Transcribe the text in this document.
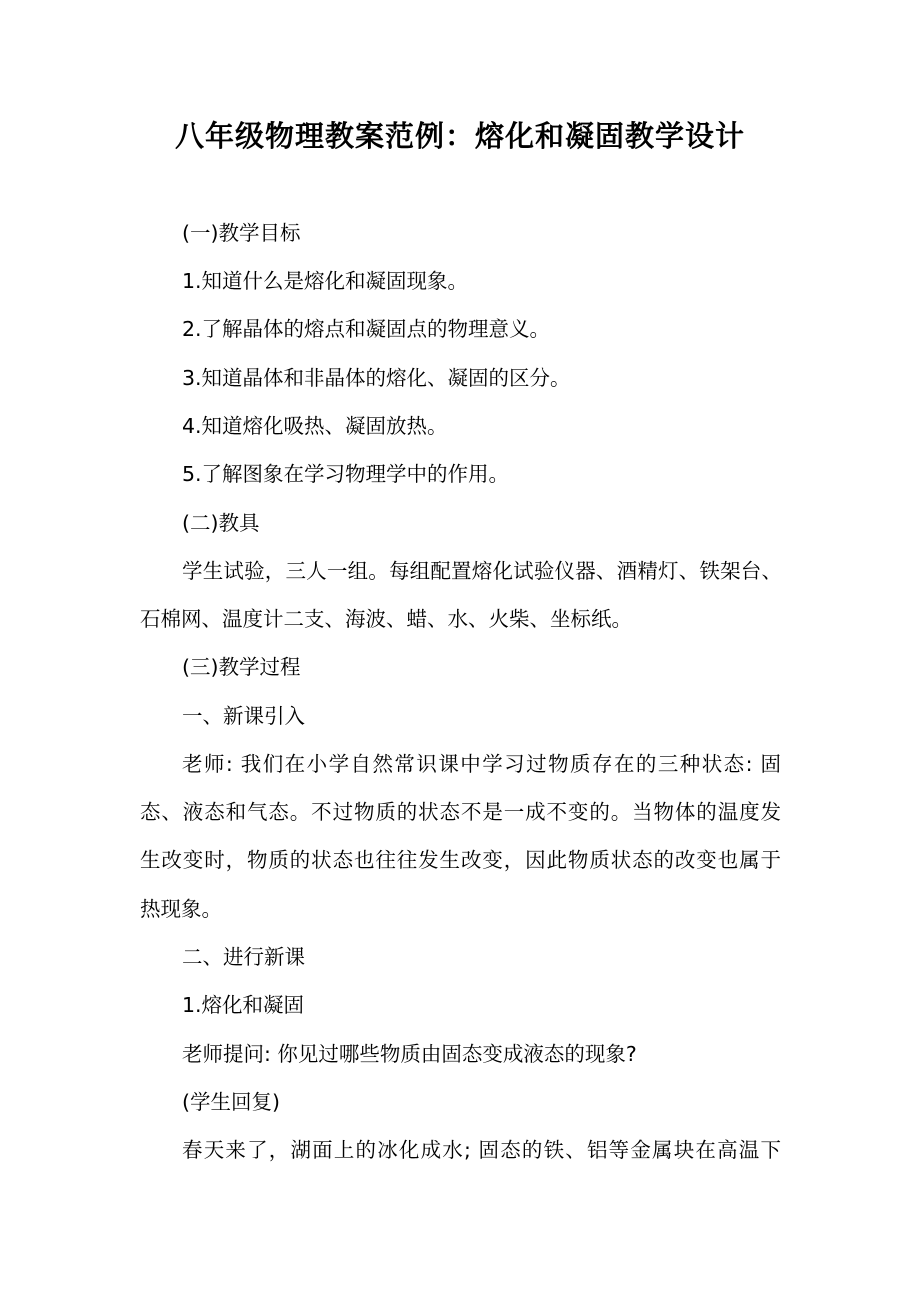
八年级物理教案范例：熔化和凝固教学设计
(一)教学目标
1.知道什么是熔化和凝固现象。
2.了解晶体的熔点和凝固点的物理意义。
3.知道晶体和非晶体的熔化、凝固的区分。
4.知道熔化吸热、凝固放热。
5.了解图象在学习物理学中的作用。
(二)教具
学生试验，三人一组。每组配置熔化试验仪器、酒精灯、铁架台、
石棉网、温度计二支、海波、蜡、水、火柴、坐标纸。
(三)教学过程
一、新课引入
老师: 我们在小学自然常识课中学习过物质存在的三种状态: 固
态、液态和气态。不过物质的状态不是一成不变的。当物体的温度发
生改变时，物质的状态也往往发生改变，因此物质状态的改变也属于
热现象。
二、进行新课
1.熔化和凝固
老师提问: 你见过哪些物质由固态变成液态的现象?
(学生回复)
春天来了，湖面上的冰化成水; 固态的铁、铝等金属块在高温下
